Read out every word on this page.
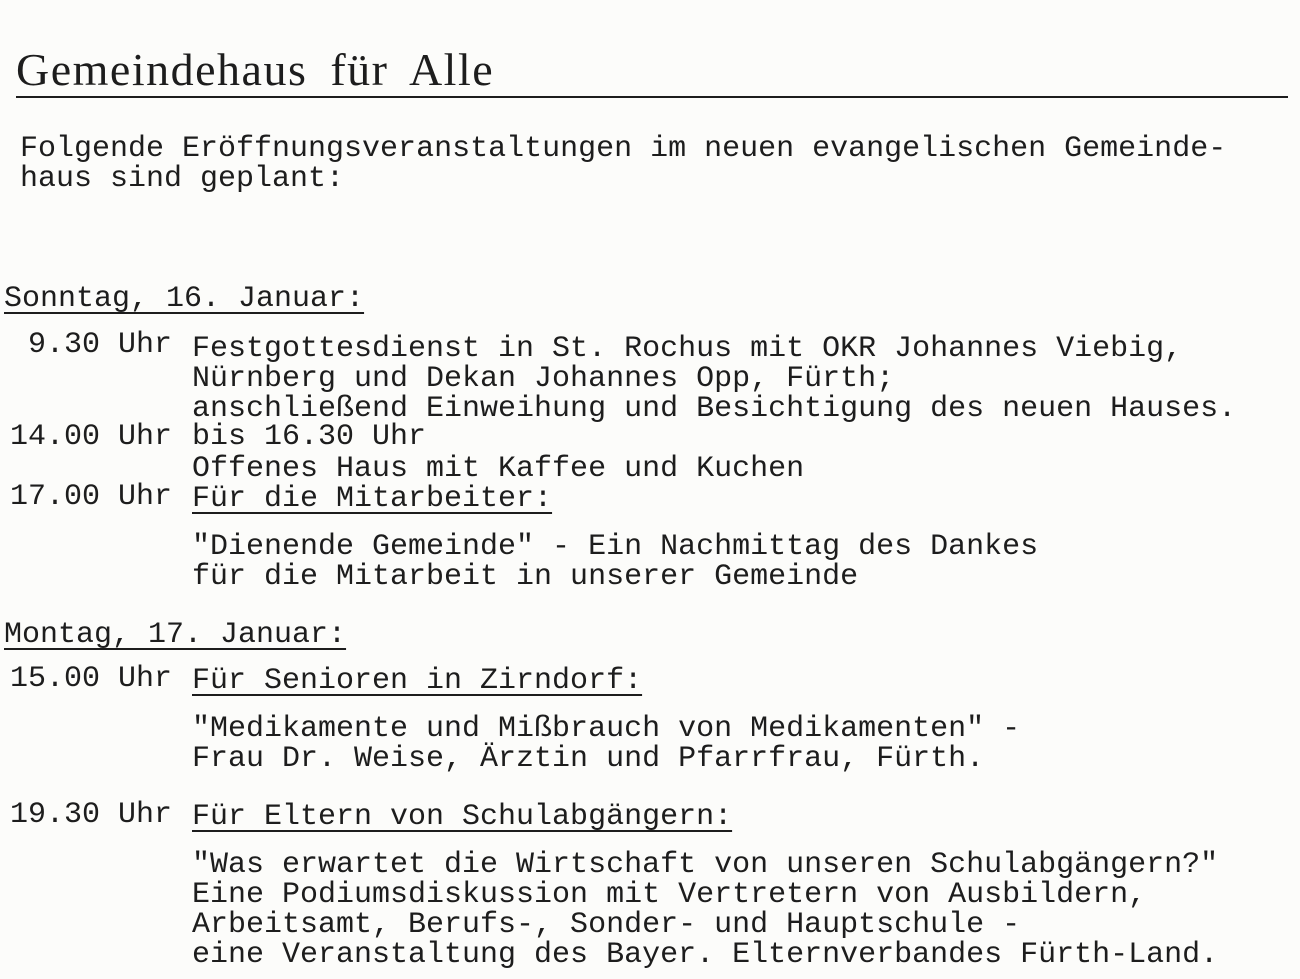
Gemeindehaus für Alle
Folgende Eröffnungsveranstaltungen im neuen evangelischen Gemeinde-
haus sind geplant:
Sonntag, 16. Januar:
9.30 Uhr Festgottesdienst in St. Rochus mit OKR Johannes Viebig,
Nürnberg und Dekan Johannes Opp, Fürth;
anschließend Einweihung und Besichtigung des neuen Hauses.
14.00 Uhr bis 16.30 Uhr
Offenes Haus mit Kaffee und Kuchen
17.00 Uhr Für die Mitarbeiter:
"Dienende Gemeinde" - Ein Nachmittag des Dankes
für die Mitarbeit in unserer Gemeinde
Montag, 17. Januar:
15.00 Uhr Für Senioren in Zirndorf:
"Medikamente und Mißbrauch von Medikamenten" -
Frau Dr. Weise, Ärztin und Pfarrfrau, Fürth.
19.30 Uhr Für Eltern von Schulabgängern:
"Was erwartet die Wirtschaft von unseren Schulabgängern?"
Eine Podiumsdiskussion mit Vertretern von Ausbildern,
Arbeitsamt, Berufs-, Sonder- und Hauptschule -
eine Veranstaltung des Bayer. Elternverbandes Fürth-Land.
